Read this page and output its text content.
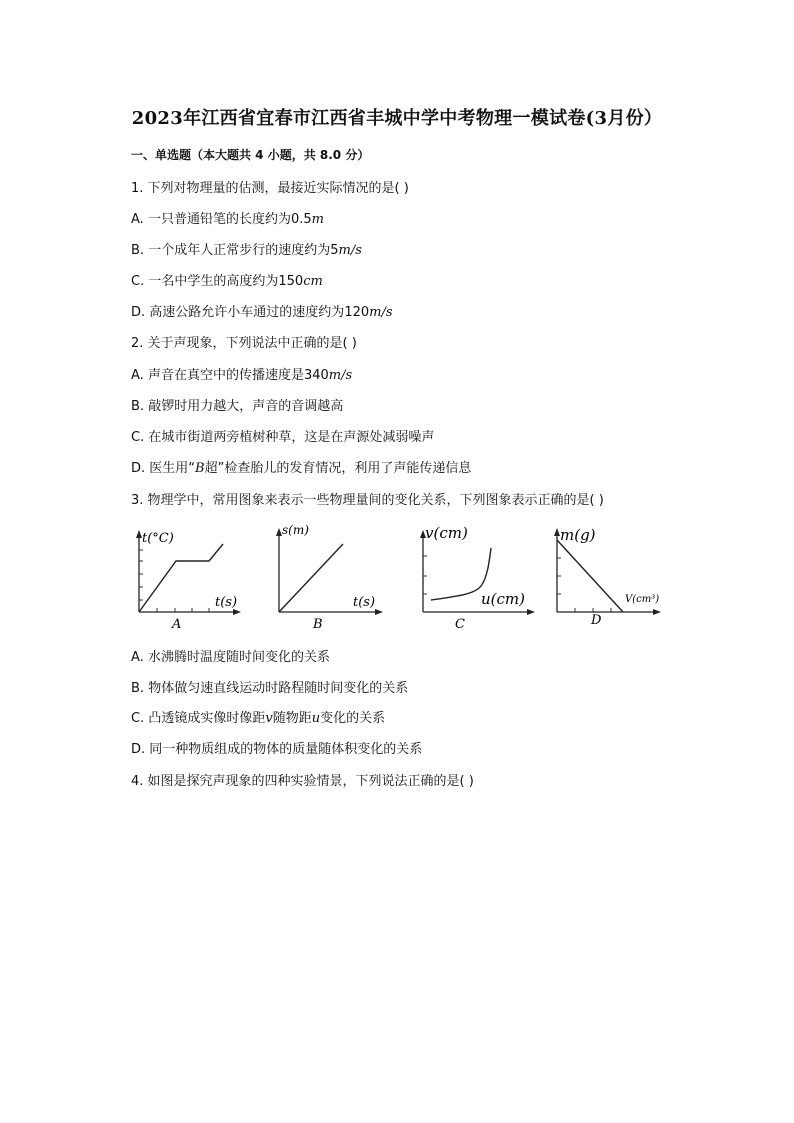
2023年江西省宜春市江西省丰城中学中考物理一模试卷(3月份）
一、单选题（本大题共 4 小题，共 8.0 分）
1. 下列对物理量的估测，最接近实际情况的是( )
A. 一只普通铅笔的长度约为0.5m
B. 一个成年人正常步行的速度约为5m/s
C. 一名中学生的高度约为150cm
D. 高速公路允许小车通过的速度约为120m/s
2. 关于声现象，下列说法中正确的是( )
A. 声音在真空中的传播速度是340m/s
B. 敲锣时用力越大，声音的音调越高
C. 在城市街道两旁植树种草，这是在声源处减弱噪声
D. 医生用“B超”检查胎儿的发育情况，利用了声能传递信息
3. 物理学中，常用图象来表示一些物理量间的变化关系，下列图象表示正确的是( )
t(°C)
t(s)
A
s(m)
t(s)
B
v(cm)
u(cm)
C
m(g)
V(cm³)
D
A. 水沸腾时温度随时间变化的关系
B. 物体做匀速直线运动时路程随时间变化的关系
C. 凸透镜成实像时像距v随物距u变化的关系
D. 同一种物质组成的物体的质量随体积变化的关系
4. 如图是探究声现象的四种实验情景，下列说法正确的是( )
